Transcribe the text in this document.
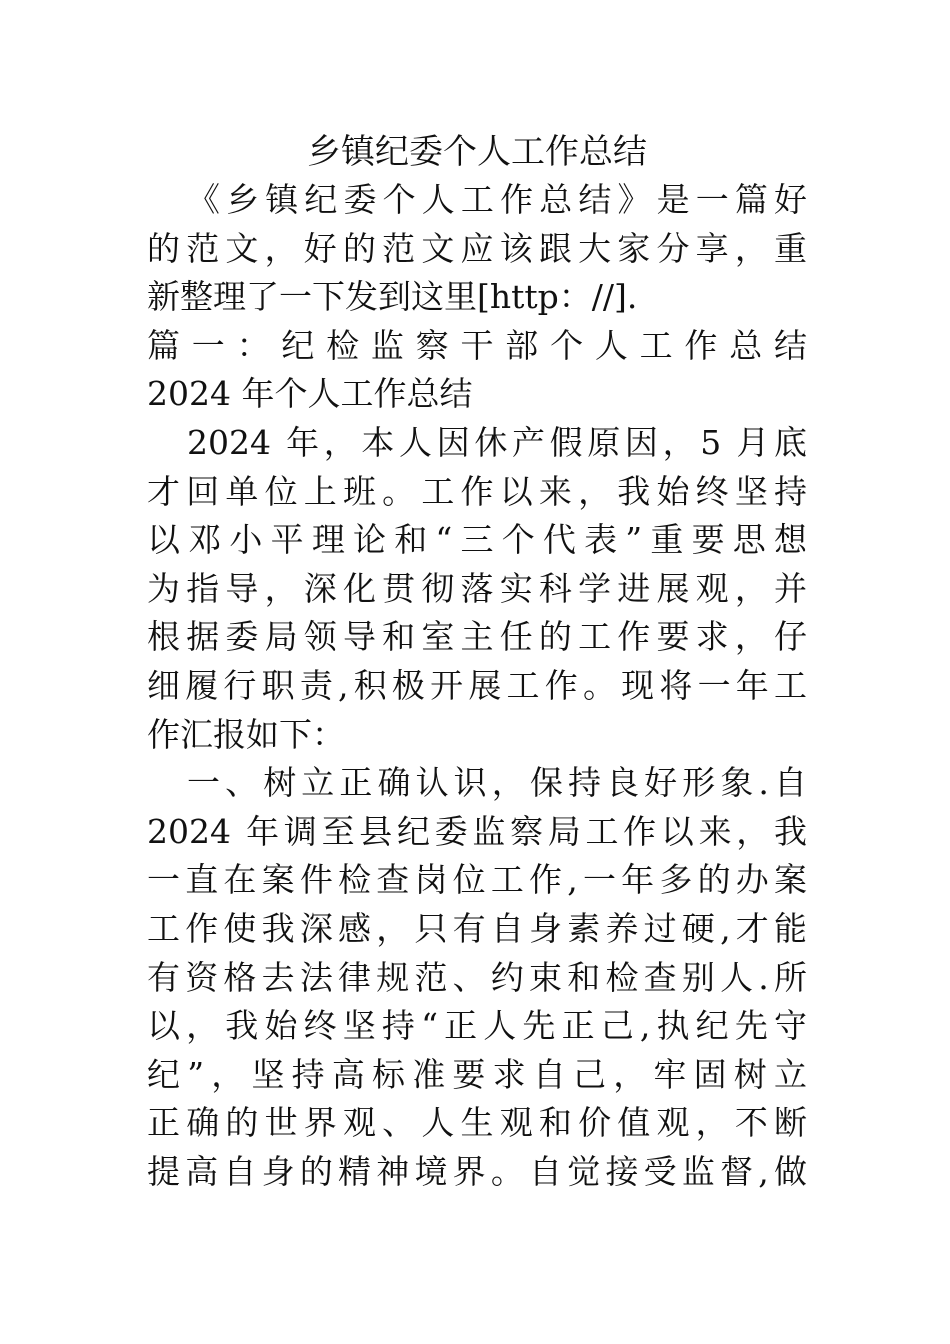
乡镇纪委个人工作总结
《乡镇纪委个人工作总结》是一篇好
的范文，好的范文应该跟大家分享，重
新整理了一下发到这里[http：//].
篇一：纪检监察干部个人工作总结
2024 年个人工作总结
2024 年，本人因休产假原因，5 月底
才回单位上班。工作以来，我始终坚持
以邓小平理论和“三个代表”重要思想
为指导，深化贯彻落实科学进展观，并
根据委局领导和室主任的工作要求，仔
细履行职责,积极开展工作。现将一年工
作汇报如下：
一、树立正确认识，保持良好形象.自
2024 年调至县纪委监察局工作以来，我
一直在案件检查岗位工作,一年多的办案
工作使我深感，只有自身素养过硬,才能
有资格去法律规范、约束和检查别人.所
以，我始终坚持“正人先正己,执纪先守
纪”，坚持高标准要求自己，牢固树立
正确的世界观、人生观和价值观，不断
提高自身的精神境界。自觉接受监督,做
